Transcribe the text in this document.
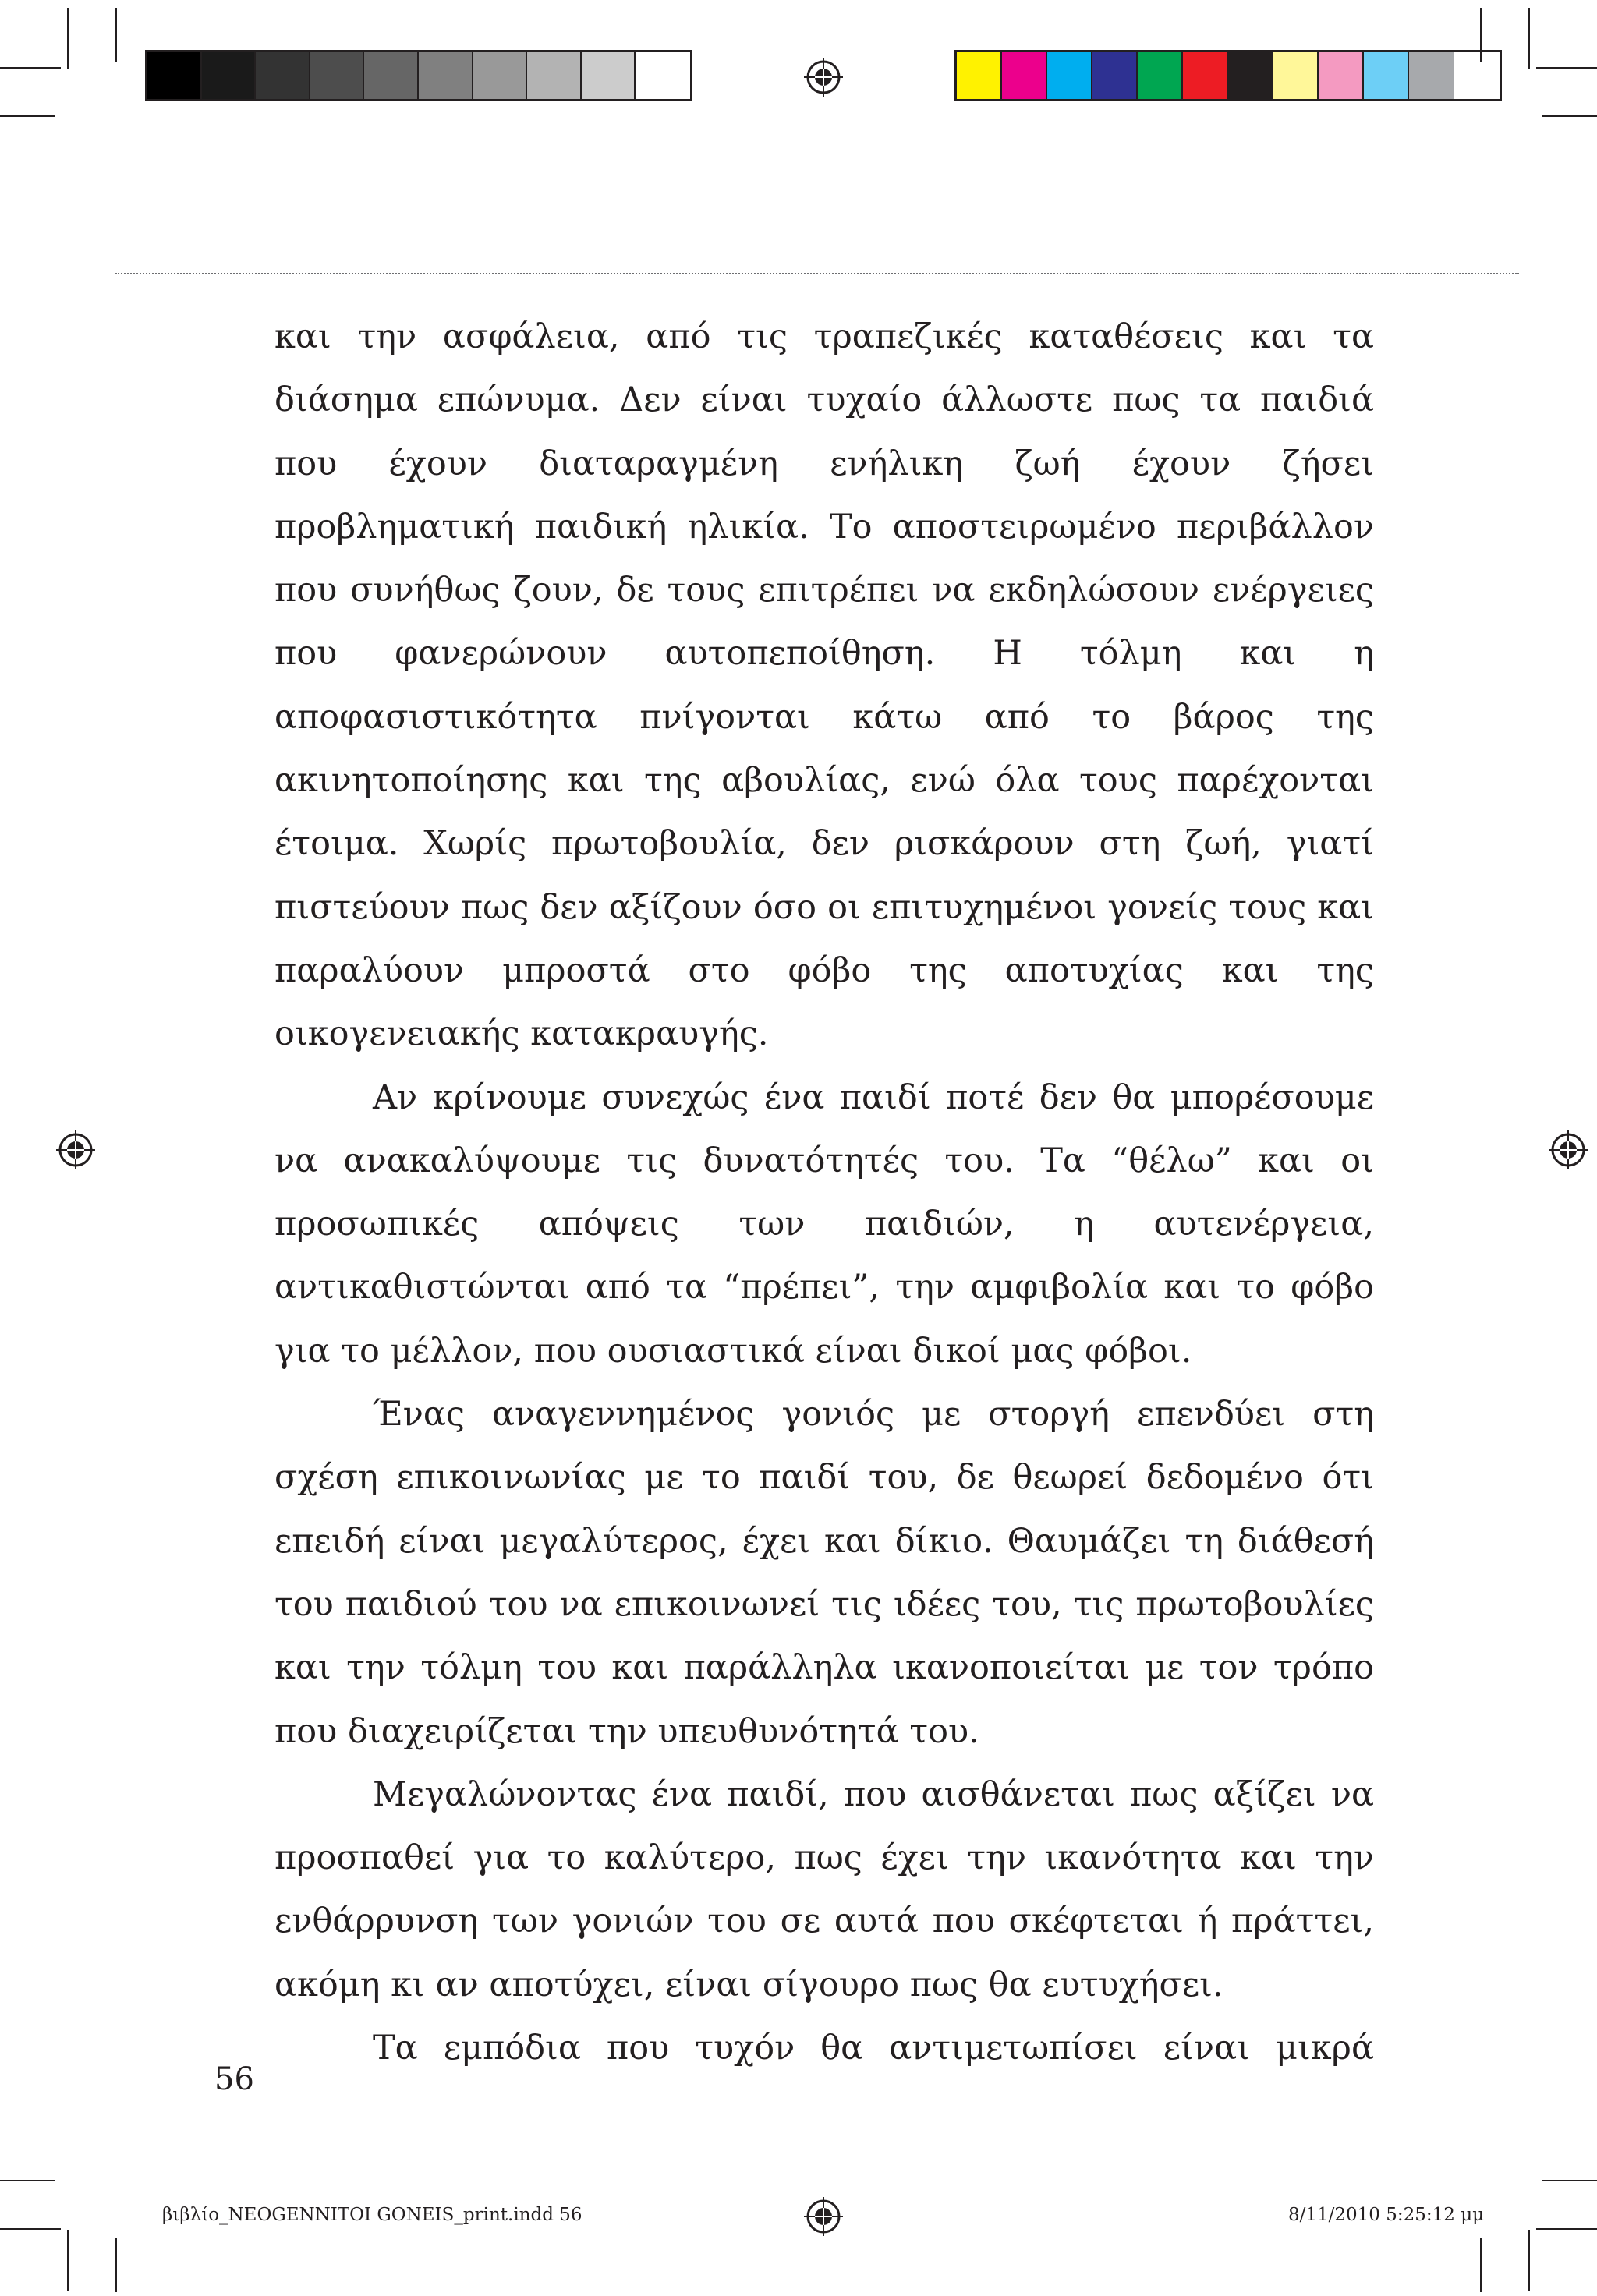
και την ασφάλεια, από τις τραπεζικές καταθέσεις και τα διάσημα επώνυμα. Δεν είναι τυχαίο άλλωστε πως τα παιδιά που έχουν διαταραγμένη ενήλικη ζωή έχουν ζήσει προβληματική παιδική ηλικία. Το αποστειρωμένο περιβάλλον που συνήθως ζουν, δε τους επιτρέπει να εκδηλώσουν ενέργειες που φανερώνουν αυτοπεποίθηση. Η τόλμη και η αποφασιστικότητα πνίγονται κάτω από το βάρος της ακινητοποίησης και της αβουλίας, ενώ όλα τους παρέχονται έτοιμα. Χωρίς πρωτοβουλία, δεν ρισκάρουν στη ζωή, γιατί πιστεύουν πως δεν αξίζουν όσο οι επιτυχημένοι γονείς τους και παραλύουν μπροστά στο φόβο της αποτυχίας και της οικογενειακής κατακραυγής.

Αν κρίνουμε συνεχώς ένα παιδί ποτέ δεν θα μπορέσουμε να ανακαλύψουμε τις δυνατότητές του. Τα “θέλω” και οι προσωπικές απόψεις των παιδιών, η αυτενέργεια, αντικαθιστώνται από τα “πρέπει”, την αμφιβολία και το φόβο για το μέλλον, που ουσιαστικά είναι δικοί μας φόβοι.

Ένας αναγεννημένος γονιός με στοργή επενδύει στη σχέση επικοινωνίας με το παιδί του, δε θεωρεί δεδομένο ότι επειδή είναι μεγαλύτερος, έχει και δίκιο. Θαυμάζει τη διάθεσή του παιδιού του να επικοινωνεί τις ιδέες του, τις πρωτοβουλίες και την τόλμη του και παράλληλα ικανοποιείται με τον τρόπο που διαχειρίζεται την υπευθυνότητά του.

Μεγαλώνοντας ένα παιδί, που αισθάνεται πως αξίζει να προσπαθεί για το καλύτερο, πως έχει την ικανότητα και την ενθάρρυνση των γονιών του σε αυτά που σκέφτεται ή πράττει, ακόμη κι αν αποτύχει, είναι σίγουρο πως θα ευτυχήσει.

Τα εμπόδια που τυχόν θα αντιμετωπίσει είναι μικρά

56
βιβλίο_NEOGENNITOI GONEIS_print.indd 56	8/11/2010 5:25:12 μμ
